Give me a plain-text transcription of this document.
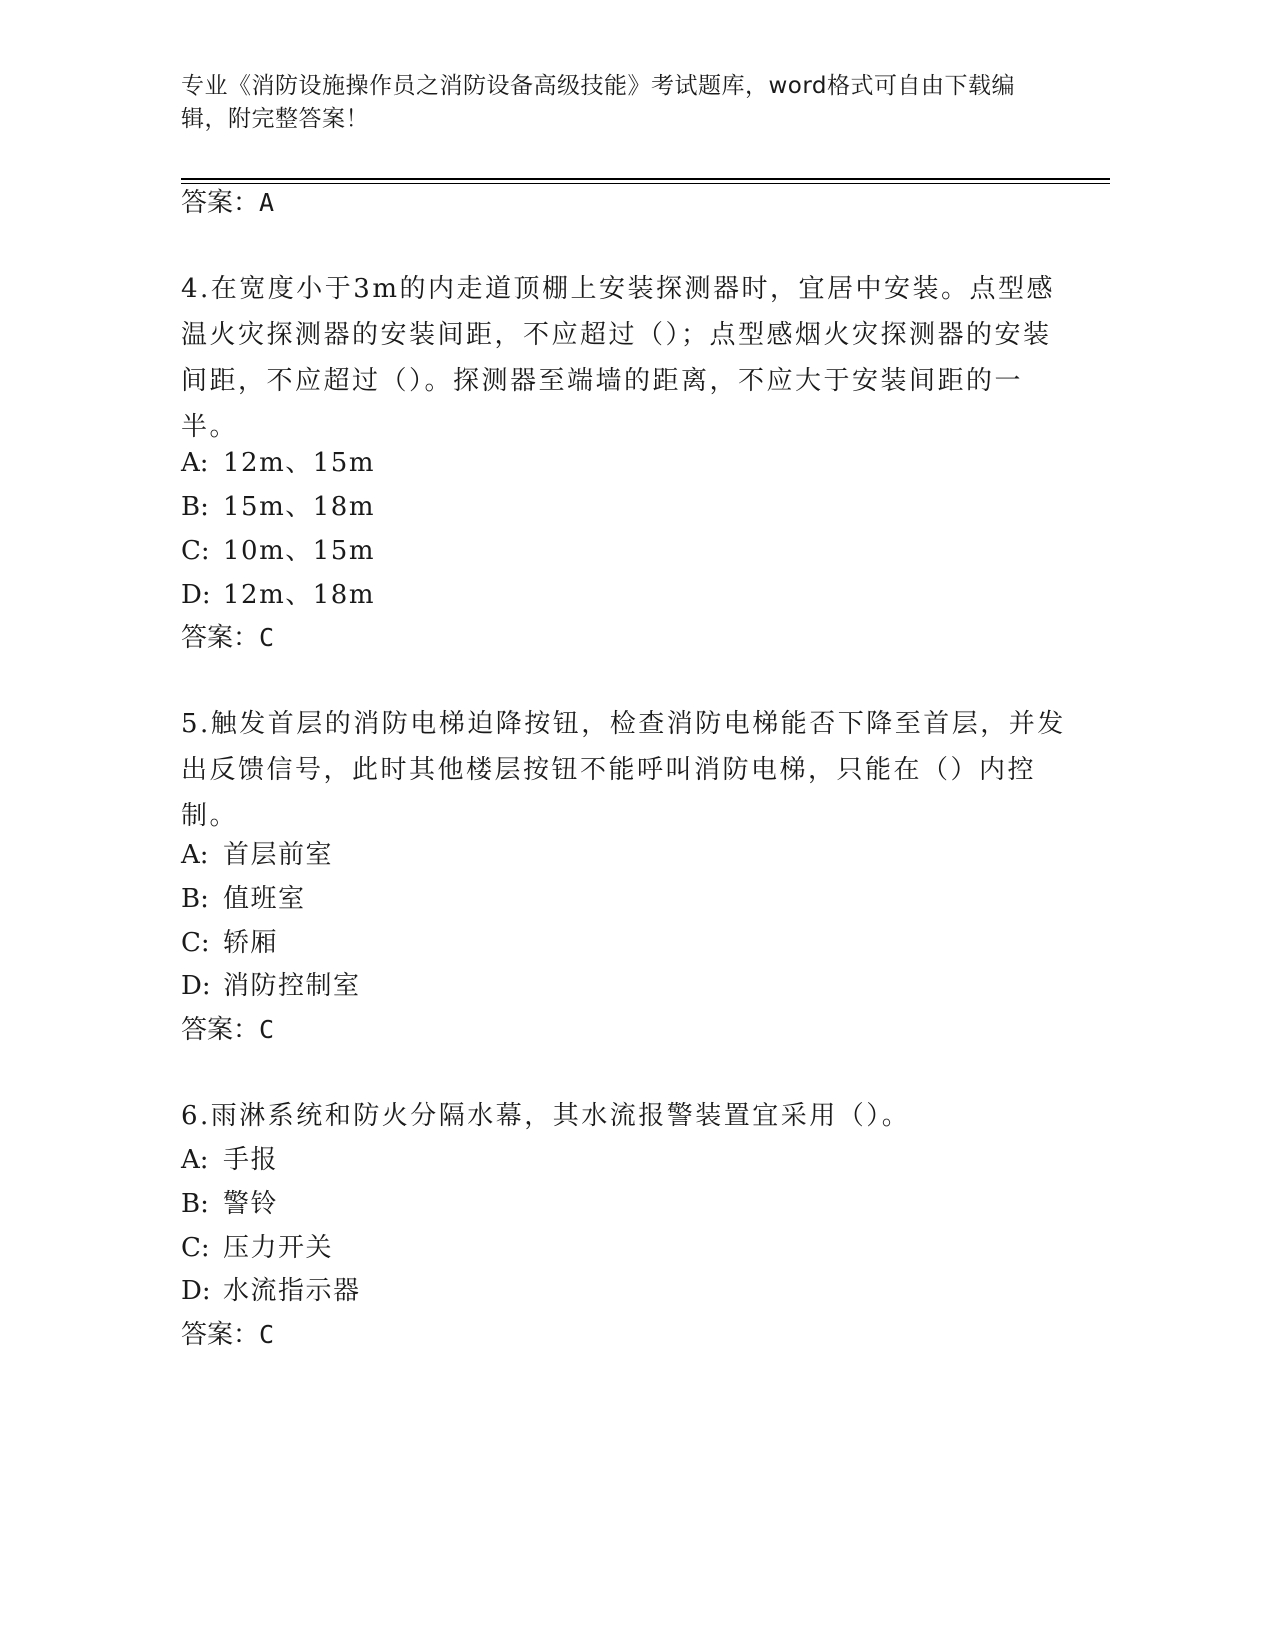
专业《消防设施操作员之消防设备高级技能》考试题库，word格式可自由下载编辑，附完整答案！
答案：A
4.在宽度小于3m的内走道顶棚上安装探测器时，宜居中安装。点型感温火灾探测器的安装间距，不应超过（）；点型感烟火灾探测器的安装间距，不应超过（）。探测器至端墙的距离，不应大于安装间距的一半。
A: 12m、15m
B: 15m、18m
C: 10m、15m
D: 12m、18m
答案：C
5.触发首层的消防电梯迫降按钮，检查消防电梯能否下降至首层，并发出反馈信号，此时其他楼层按钮不能呼叫消防电梯，只能在（）内控制。
A: 首层前室
B: 值班室
C: 轿厢
D: 消防控制室
答案：C
6.雨淋系统和防火分隔水幕，其水流报警装置宜采用（）。
A: 手报
B: 警铃
C: 压力开关
D: 水流指示器
答案：C
